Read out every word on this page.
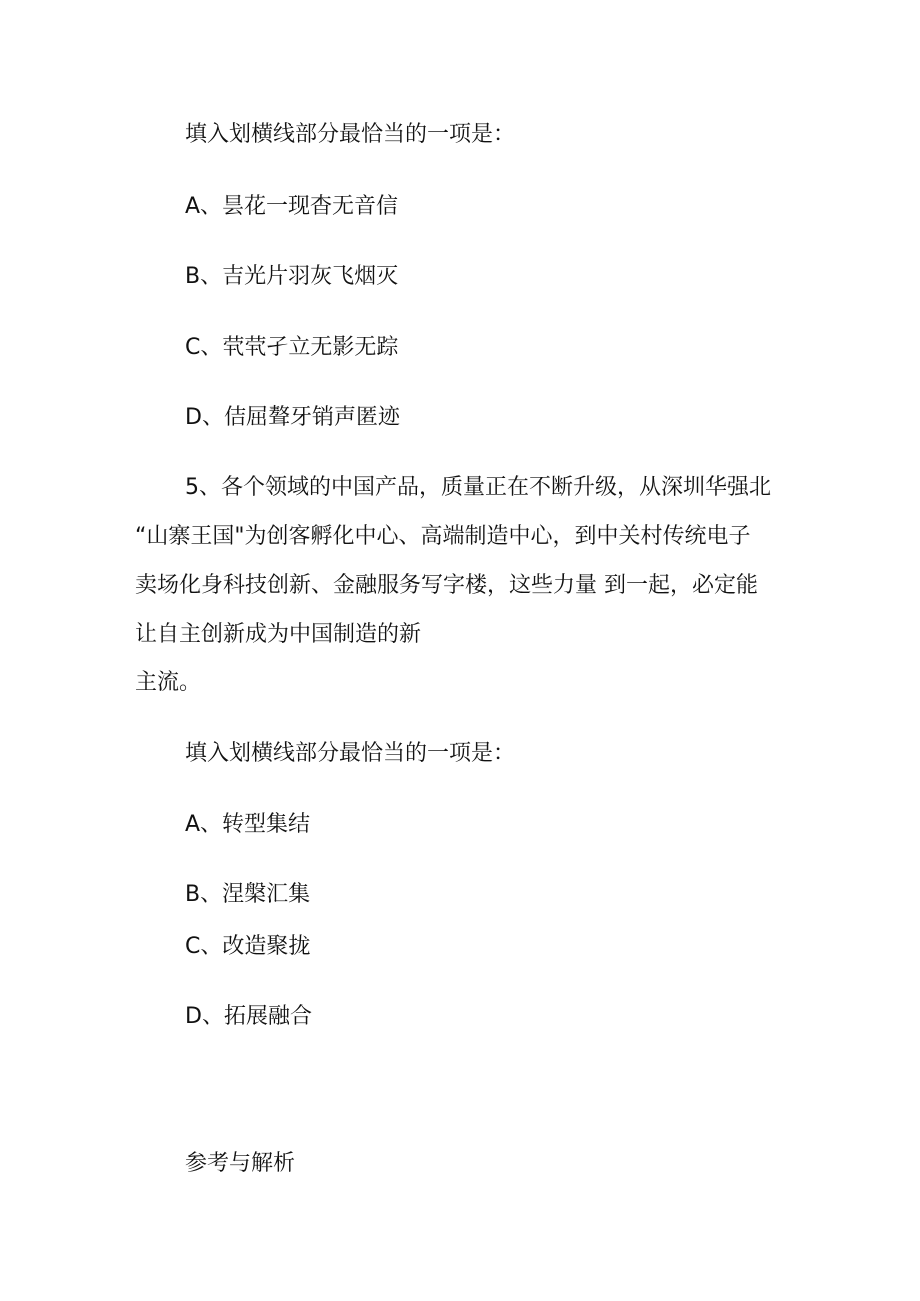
填入划横线部分最恰当的一项是：

A、昙花一现杳无音信

B、吉光片羽灰飞烟灭

C、茕茕孑立无影无踪

D、佶屈聱牙销声匿迹

5、各个领域的中国产品，质量正在不断升级，从深圳华强北

“山寨王国"为创客孵化中心、高端制造中心，到中关村传统电子

卖场化身科技创新、金融服务写字楼，这些力量 到一起，必定能

让自主创新成为中国制造的新

主流。

填入划横线部分最恰当的一项是：

A、转型集结

B、涅槃汇集

C、改造聚拢

D、拓展融合

参考与解析
